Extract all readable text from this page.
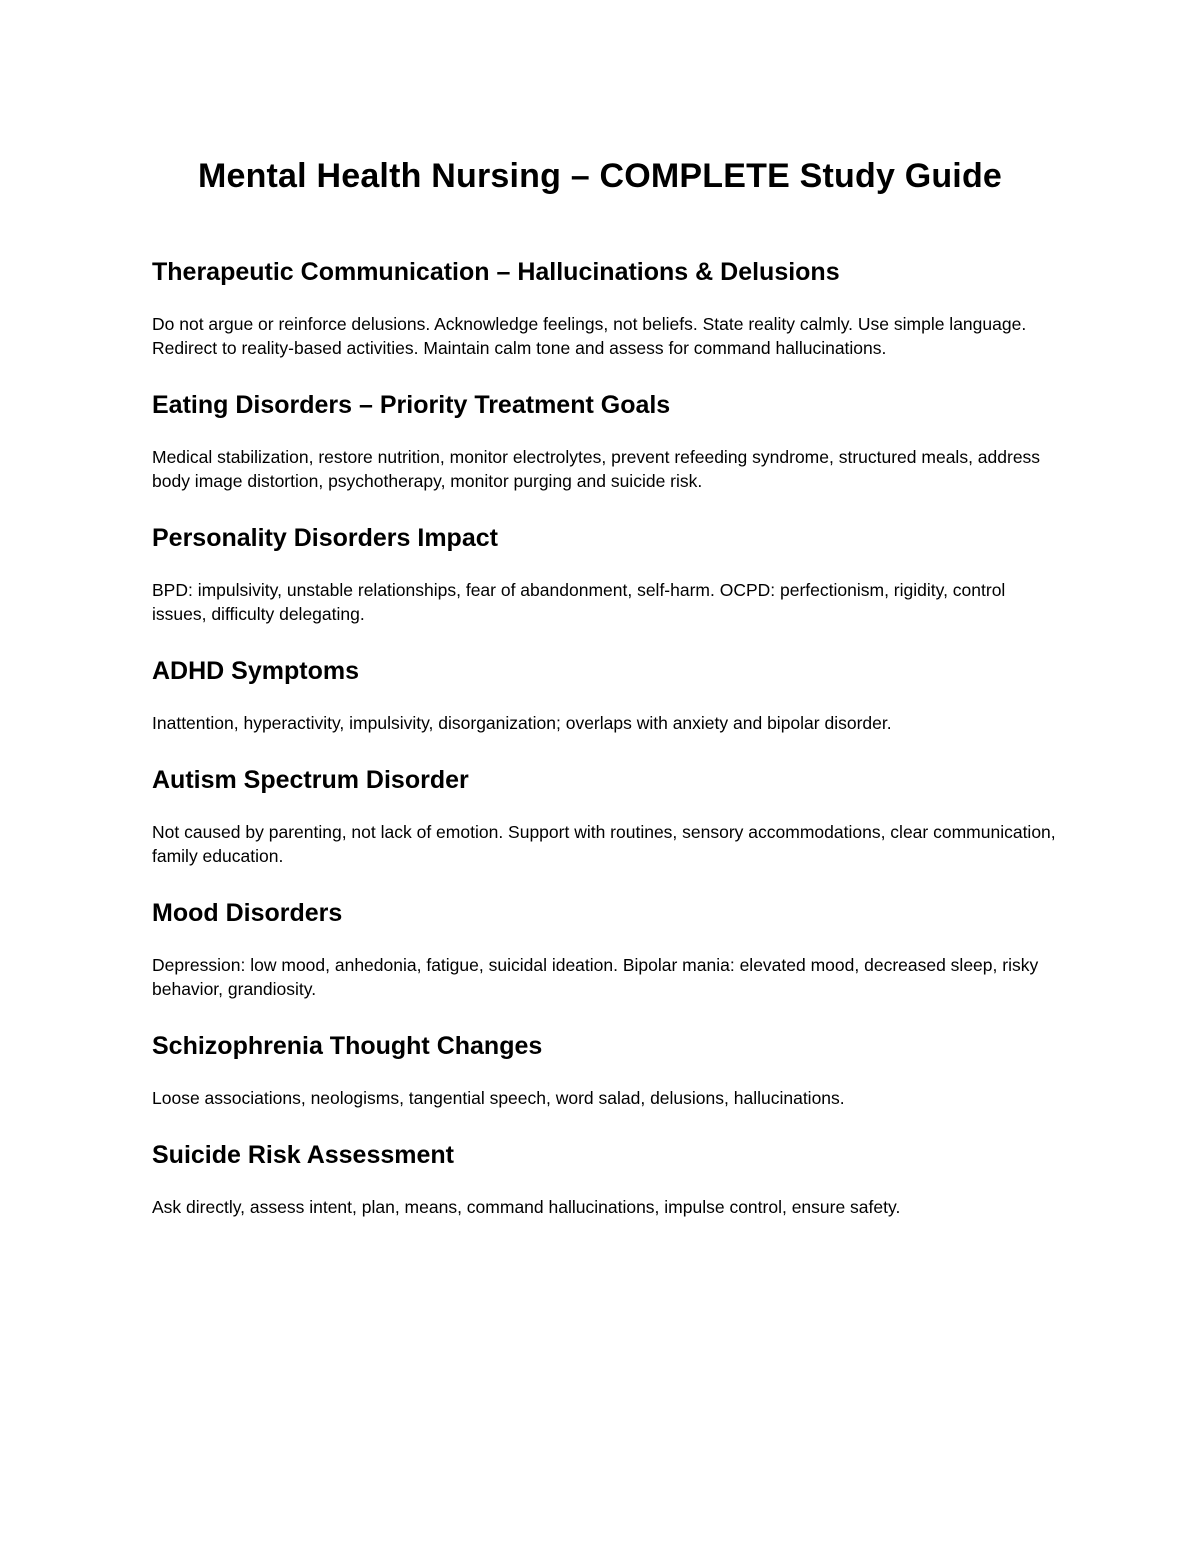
Mental Health Nursing – COMPLETE Study Guide
Therapeutic Communication – Hallucinations & Delusions

Do not argue or reinforce delusions. Acknowledge feelings, not beliefs. State reality calmly. Use simple language. Redirect to reality-based activities. Maintain calm tone and assess for command hallucinations.

Eating Disorders – Priority Treatment Goals

Medical stabilization, restore nutrition, monitor electrolytes, prevent refeeding syndrome, structured meals, address body image distortion, psychotherapy, monitor purging and suicide risk.

Personality Disorders Impact

BPD: impulsivity, unstable relationships, fear of abandonment, self-harm. OCPD: perfectionism, rigidity, control issues, difficulty delegating.

ADHD Symptoms

Inattention, hyperactivity, impulsivity, disorganization; overlaps with anxiety and bipolar disorder.

Autism Spectrum Disorder

Not caused by parenting, not lack of emotion. Support with routines, sensory accommodations, clear communication, family education.

Mood Disorders

Depression: low mood, anhedonia, fatigue, suicidal ideation. Bipolar mania: elevated mood, decreased sleep, risky behavior, grandiosity.

Schizophrenia Thought Changes

Loose associations, neologisms, tangential speech, word salad, delusions, hallucinations.

Suicide Risk Assessment

Ask directly, assess intent, plan, means, command hallucinations, impulse control, ensure safety.
